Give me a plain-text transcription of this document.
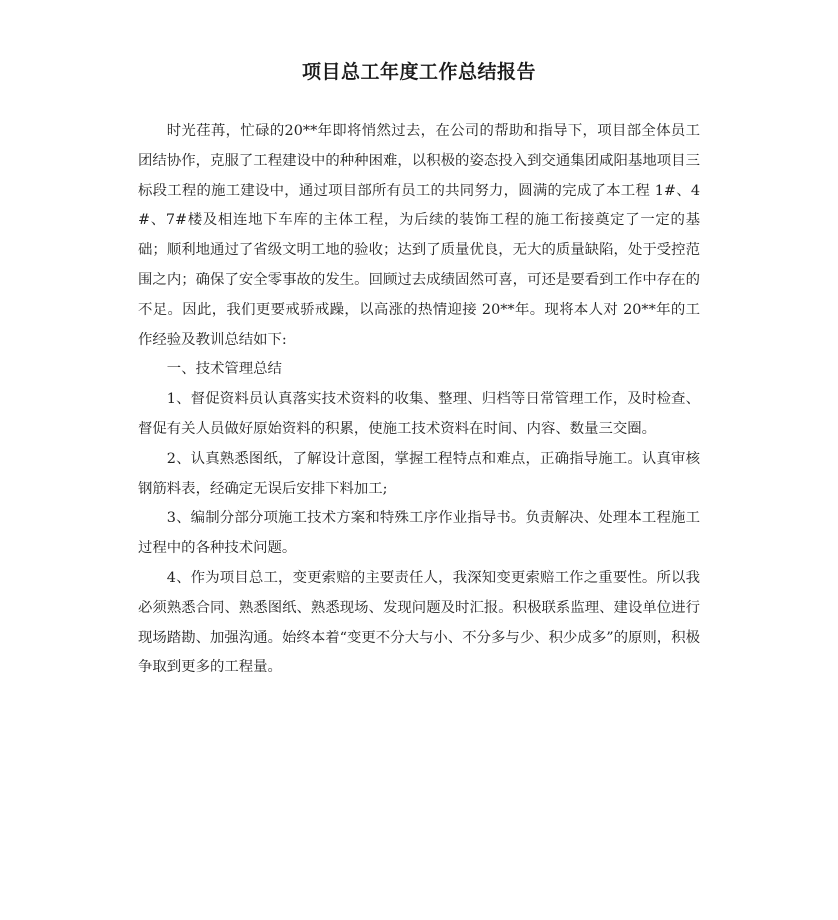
项目总工年度工作总结报告

时光荏苒，忙碌的20**年即将悄然过去，在公司的帮助和指导下，项目部全体员工团结协作，克服了工程建设中的种种困难，以积极的姿态投入到交通集团咸阳基地项目三标段工程的施工建设中，通过项目部所有员工的共同努力，圆满的完成了本工程 1#、4#、7#楼及相连地下车库的主体工程，为后续的装饰工程的施工衔接奠定了一定的基础；顺利地通过了省级文明工地的验收；达到了质量优良，无大的质量缺陷，处于受控范围之内；确保了安全零事故的发生。回顾过去成绩固然可喜，可还是要看到工作中存在的不足。因此，我们更要戒骄戒躁，以高涨的热情迎接 20**年。现将本人对 20**年的工作经验及教训总结如下:

一、技术管理总结

1、督促资料员认真落实技术资料的收集、整理、归档等日常管理工作，及时检查、督促有关人员做好原始资料的积累，使施工技术资料在时间、内容、数量三交圈。

2、认真熟悉图纸，了解设计意图，掌握工程特点和难点，正确指导施工。认真审核钢筋料表，经确定无误后安排下料加工;

3、编制分部分项施工技术方案和特殊工序作业指导书。负责解决、处理本工程施工过程中的各种技术问题。

4、作为项目总工，变更索赔的主要责任人，我深知变更索赔工作之重要性。所以我必须熟悉合同、熟悉图纸、熟悉现场、发现问题及时汇报。积极联系监理、建设单位进行现场踏勘、加强沟通。始终本着“变更不分大与小、不分多与少、积少成多”的原则，积极争取到更多的工程量。
